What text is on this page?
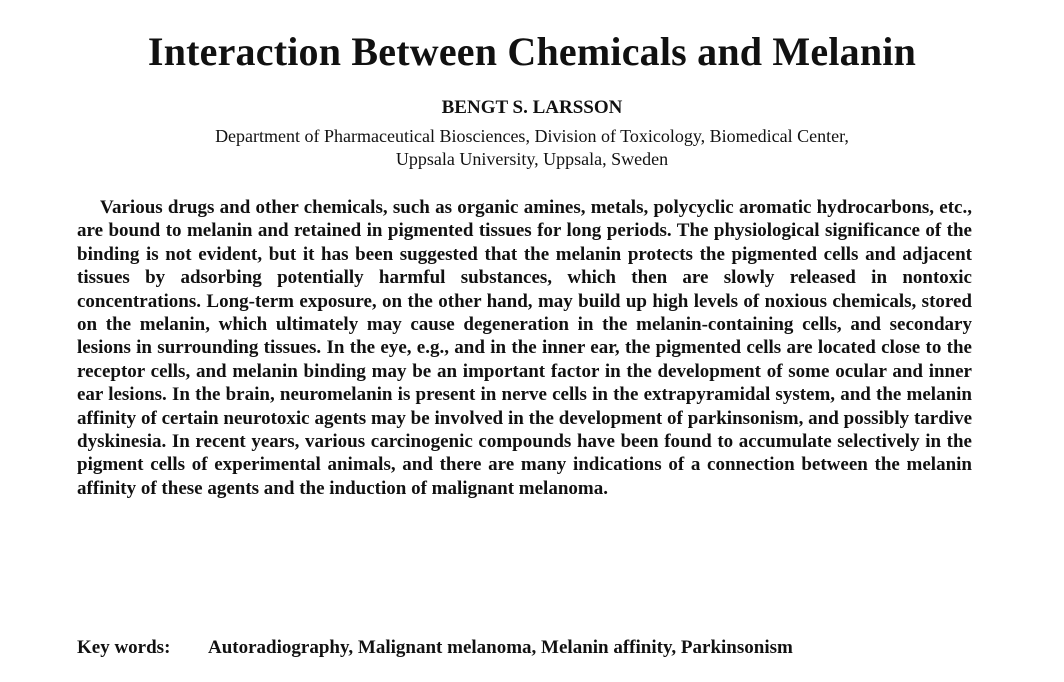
Interaction Between Chemicals and Melanin
BENGT S. LARSSON
Department of Pharmaceutical Biosciences, Division of Toxicology, Biomedical Center,
Uppsala University, Uppsala, Sweden
Various drugs and other chemicals, such as organic amines, metals, polycyclic aromatic hydrocarbons, etc., are bound to melanin and retained in pigmented tissues for long periods. The physiological significance of the binding is not evident, but it has been suggested that the melanin protects the pigmented cells and adjacent tissues by adsorbing potentially harmful substances, which then are slowly released in nontoxic concentrations. Long-term exposure, on the other hand, may build up high levels of noxious chemicals, stored on the melanin, which ultimately may cause degeneration in the melanin-containing cells, and secondary lesions in surrounding tissues. In the eye, e.g., and in the inner ear, the pigmented cells are located close to the receptor cells, and melanin binding may be an important factor in the development of some ocular and inner ear lesions. In the brain, neuromelanin is present in nerve cells in the extrapyramidal system, and the melanin affinity of certain neurotoxic agents may be involved in the development of parkinsonism, and possibly tardive dyskinesia. In recent years, various carcinogenic compounds have been found to accumulate selectively in the pigment cells of experimental animals, and there are many indications of a connection between the melanin affinity of these agents and the induction of malignant melanoma.
Key words: Autoradiography, Malignant melanoma, Melanin affinity, Parkinsonism
